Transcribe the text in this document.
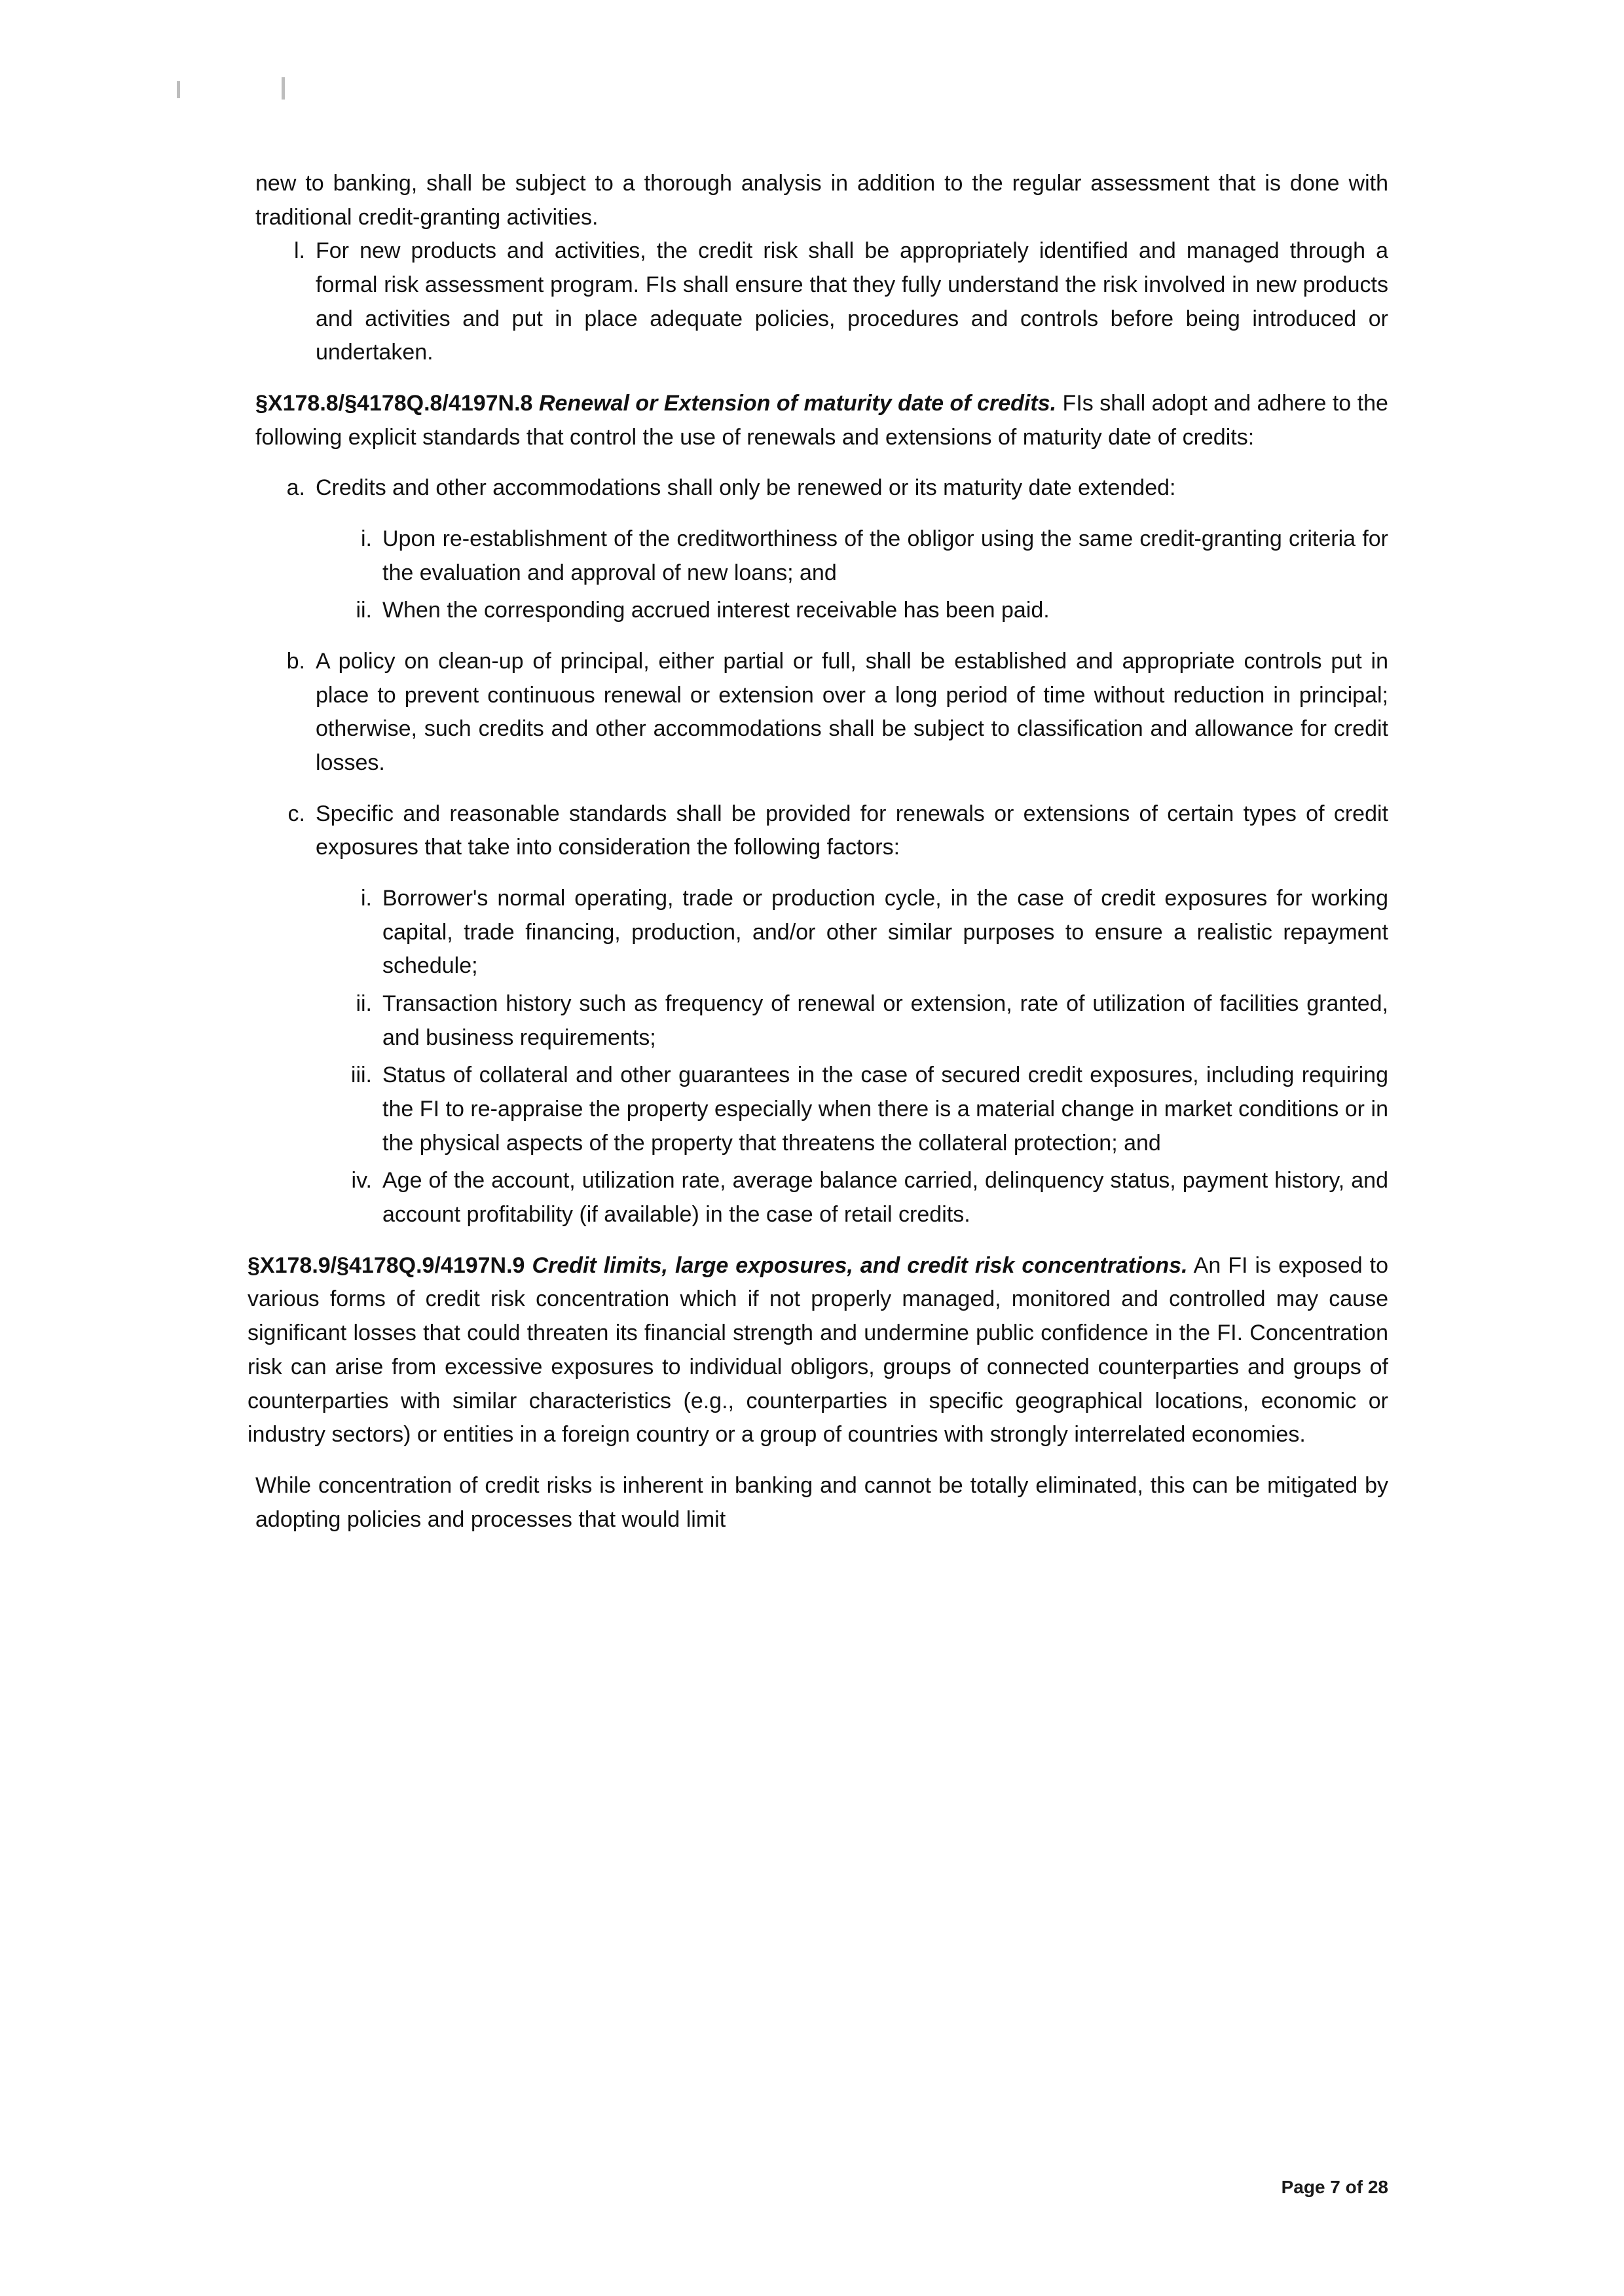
new to banking, shall be subject to a thorough analysis in addition to the regular assessment that is done with traditional credit-granting activities.
l. For new products and activities, the credit risk shall be appropriately identified and managed through a formal risk assessment program. FIs shall ensure that they fully understand the risk involved in new products and activities and put in place adequate policies, procedures and controls before being introduced or undertaken.
§X178.8/§4178Q.8/4197N.8 Renewal or Extension of maturity date of credits. FIs shall adopt and adhere to the following explicit standards that control the use of renewals and extensions of maturity date of credits:
a. Credits and other accommodations shall only be renewed or its maturity date extended:
i. Upon re-establishment of the creditworthiness of the obligor using the same credit-granting criteria for the evaluation and approval of new loans; and
ii. When the corresponding accrued interest receivable has been paid.
b. A policy on clean-up of principal, either partial or full, shall be established and appropriate controls put in place to prevent continuous renewal or extension over a long period of time without reduction in principal; otherwise, such credits and other accommodations shall be subject to classification and allowance for credit losses.
c. Specific and reasonable standards shall be provided for renewals or extensions of certain types of credit exposures that take into consideration the following factors:
i. Borrower's normal operating, trade or production cycle, in the case of credit exposures for working capital, trade financing, production, and/or other similar purposes to ensure a realistic repayment schedule;
ii. Transaction history such as frequency of renewal or extension, rate of utilization of facilities granted, and business requirements;
iii. Status of collateral and other guarantees in the case of secured credit exposures, including requiring the FI to re-appraise the property especially when there is a material change in market conditions or in the physical aspects of the property that threatens the collateral protection; and
iv. Age of the account, utilization rate, average balance carried, delinquency status, payment history, and account profitability (if available) in the case of retail credits.
§X178.9/§4178Q.9/4197N.9 Credit limits, large exposures, and credit risk concentrations. An FI is exposed to various forms of credit risk concentration which if not properly managed, monitored and controlled may cause significant losses that could threaten its financial strength and undermine public confidence in the FI. Concentration risk can arise from excessive exposures to individual obligors, groups of connected counterparties and groups of counterparties with similar characteristics (e.g., counterparties in specific geographical locations, economic or industry sectors) or entities in a foreign country or a group of countries with strongly interrelated economies.
While concentration of credit risks is inherent in banking and cannot be totally eliminated, this can be mitigated by adopting policies and processes that would limit
Page 7 of 28
